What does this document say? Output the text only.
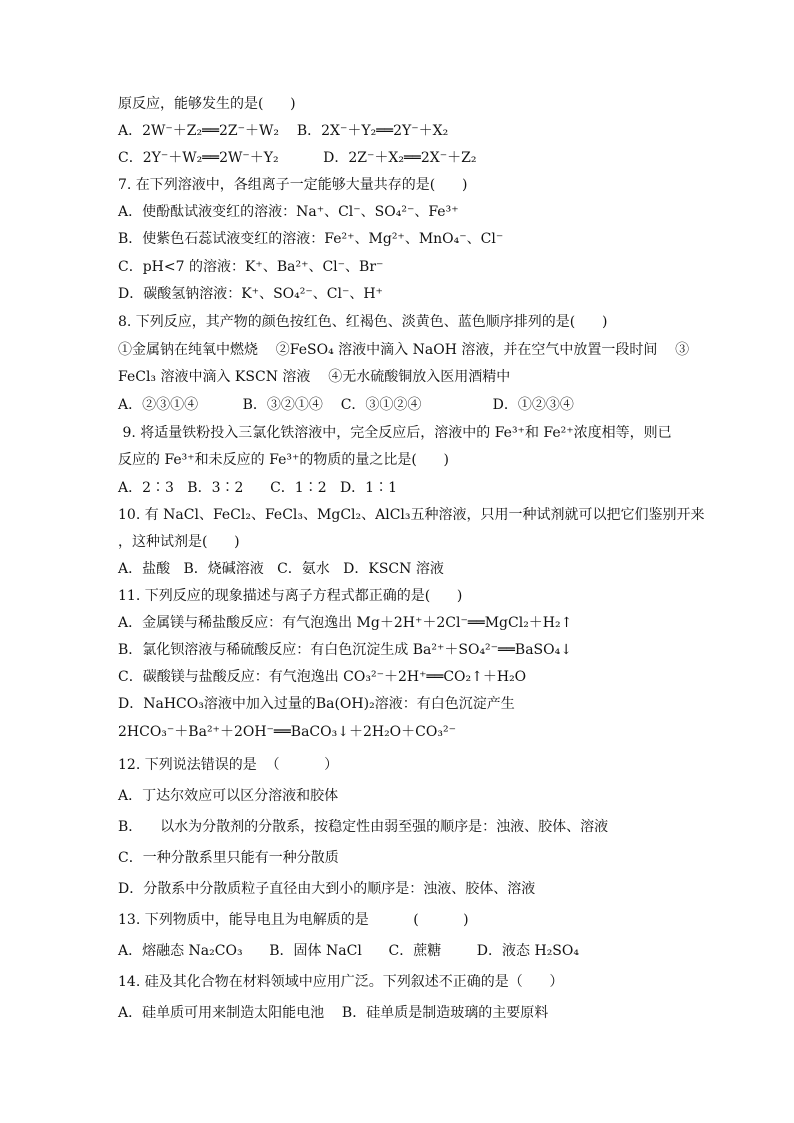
原反应，能够发生的是(      )
A．2W⁻＋Z₂══2Z⁻＋W₂    B．2X⁻＋Y₂══2Y⁻＋X₂
C．2Y⁻＋W₂══2W⁻＋Y₂          D．2Z⁻＋X₂══2X⁻＋Z₂
7. 在下列溶液中，各组离子一定能够大量共存的是(      )
A．使酚酞试液变红的溶液：Na⁺、Cl⁻、SO₄²⁻、Fe³⁺
B．使紫色石蕊试液变红的溶液：Fe²⁺、Mg²⁺、MnO₄⁻、Cl⁻
C．pH<7 的溶液：K⁺、Ba²⁺、Cl⁻、Br⁻
D．碳酸氢钠溶液：K⁺、SO₄²⁻、Cl⁻、H⁺
8. 下列反应，其产物的颜色按红色、红褐色、淡黄色、蓝色顺序排列的是(      )
①金属钠在纯氧中燃烧    ②FeSO₄ 溶液中滴入 NaOH 溶液，并在空气中放置一段时间    ③
FeCl₃ 溶液中滴入 KSCN 溶液    ④无水硫酸铜放入医用酒精中
A．②③①④          B．③②①④    C．③①②④                D．①②③④
9. 将适量铁粉投入三氯化铁溶液中，完全反应后，溶液中的 Fe³⁺和 Fe²⁺浓度相等，则已
反应的 Fe³⁺和未反应的 Fe³⁺的物质的量之比是(      )
A．2∶3   B．3∶2      C．1∶2   D．1∶1
10. 有 NaCl、FeCl₂、FeCl₃、MgCl₂、AlCl₃五种溶液，只用一种试剂就可以把它们鉴别开来
，这种试剂是(      )
A．盐酸   B．烧碱溶液   C．氨水   D．KSCN 溶液
11. 下列反应的现象描述与离子方程式都正确的是(      )
A．金属镁与稀盐酸反应：有气泡逸出 Mg＋2H⁺＋2Cl⁻══MgCl₂＋H₂↑
B．氯化钡溶液与稀硫酸反应：有白色沉淀生成 Ba²⁺＋SO₄²⁻══BaSO₄↓
C．碳酸镁与盐酸反应：有气泡逸出 CO₃²⁻＋2H⁺══CO₂↑＋H₂O
D．NaHCO₃溶液中加入过量的Ba(OH)₂溶液：有白色沉淀产生
2HCO₃⁻＋Ba²⁺＋2OH⁻══BaCO₃↓＋2H₂O＋CO₃²⁻
12. 下列说法错误的是  （          ）
A．丁达尔效应可以区分溶液和胶体
B．    以水为分散剂的分散系，按稳定性由弱至强的顺序是：浊液、胶体、溶液
C．一种分散系里只能有一种分散质
D．分散系中分散质粒子直径由大到小的顺序是：浊液、胶体、溶液
13. 下列物质中，能导电且为电解质的是          (          )
A．熔融态 Na₂CO₃      B．固体 NaCl      C．蔗糖        D．液态 H₂SO₄
14. 硅及其化合物在材料领域中应用广泛。下列叙述不正确的是（      ）
A．硅单质可用来制造太阳能电池    B．硅单质是制造玻璃的主要原料
